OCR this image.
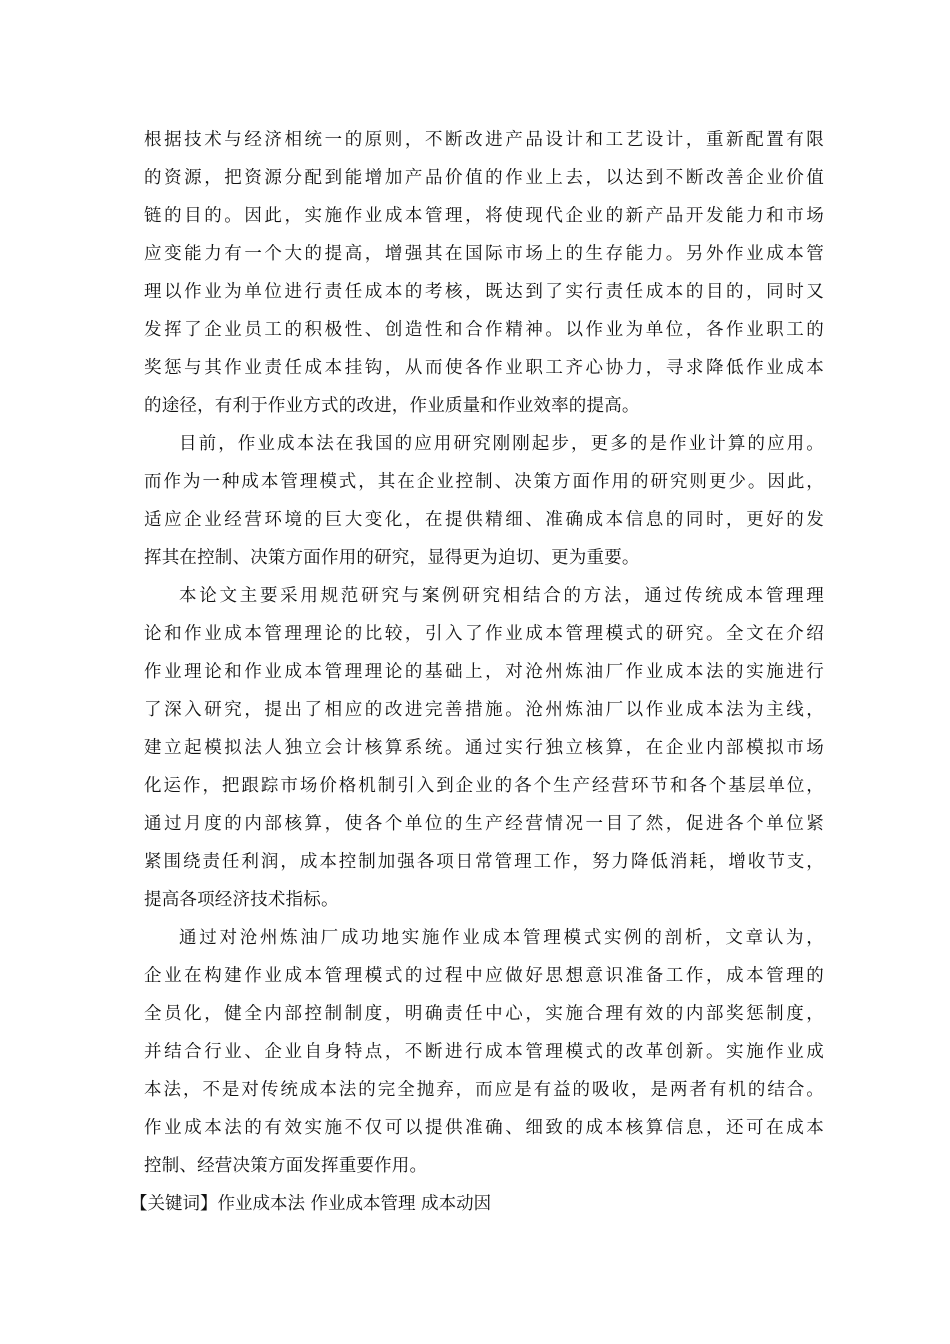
根据技术与经济相统一的原则，不断改进产品设计和工艺设计，重新配置有限
的资源，把资源分配到能增加产品价值的作业上去，以达到不断改善企业价值
链的目的。因此，实施作业成本管理，将使现代企业的新产品开发能力和市场
应变能力有一个大的提高，增强其在国际市场上的生存能力。另外作业成本管
理以作业为单位进行责任成本的考核，既达到了实行责任成本的目的，同时又
发挥了企业员工的积极性、创造性和合作精神。以作业为单位，各作业职工的
奖惩与其作业责任成本挂钩，从而使各作业职工齐心协力，寻求降低作业成本
的途径，有利于作业方式的改进，作业质量和作业效率的提高。
目前，作业成本法在我国的应用研究刚刚起步，更多的是作业计算的应用。
而作为一种成本管理模式，其在企业控制、决策方面作用的研究则更少。因此，
适应企业经营环境的巨大变化，在提供精细、准确成本信息的同时，更好的发
挥其在控制、决策方面作用的研究，显得更为迫切、更为重要。
本论文主要采用规范研究与案例研究相结合的方法，通过传统成本管理理
论和作业成本管理理论的比较，引入了作业成本管理模式的研究。全文在介绍
作业理论和作业成本管理理论的基础上，对沧州炼油厂作业成本法的实施进行
了深入研究，提出了相应的改进完善措施。沧州炼油厂以作业成本法为主线，
建立起模拟法人独立会计核算系统。通过实行独立核算，在企业内部模拟市场
化运作，把跟踪市场价格机制引入到企业的各个生产经营环节和各个基层单位，
通过月度的内部核算，使各个单位的生产经营情况一目了然，促进各个单位紧
紧围绕责任利润，成本控制加强各项日常管理工作，努力降低消耗，增收节支，
提高各项经济技术指标。
通过对沧州炼油厂成功地实施作业成本管理模式实例的剖析，文章认为，
企业在构建作业成本管理模式的过程中应做好思想意识准备工作，成本管理的
全员化，健全内部控制制度，明确责任中心，实施合理有效的内部奖惩制度，
并结合行业、企业自身特点，不断进行成本管理模式的改革创新。实施作业成
本法，不是对传统成本法的完全抛弃，而应是有益的吸收，是两者有机的结合。
作业成本法的有效实施不仅可以提供准确、细致的成本核算信息，还可在成本
控制、经营决策方面发挥重要作用。
【关键词】作业成本法 作业成本管理 成本动因
